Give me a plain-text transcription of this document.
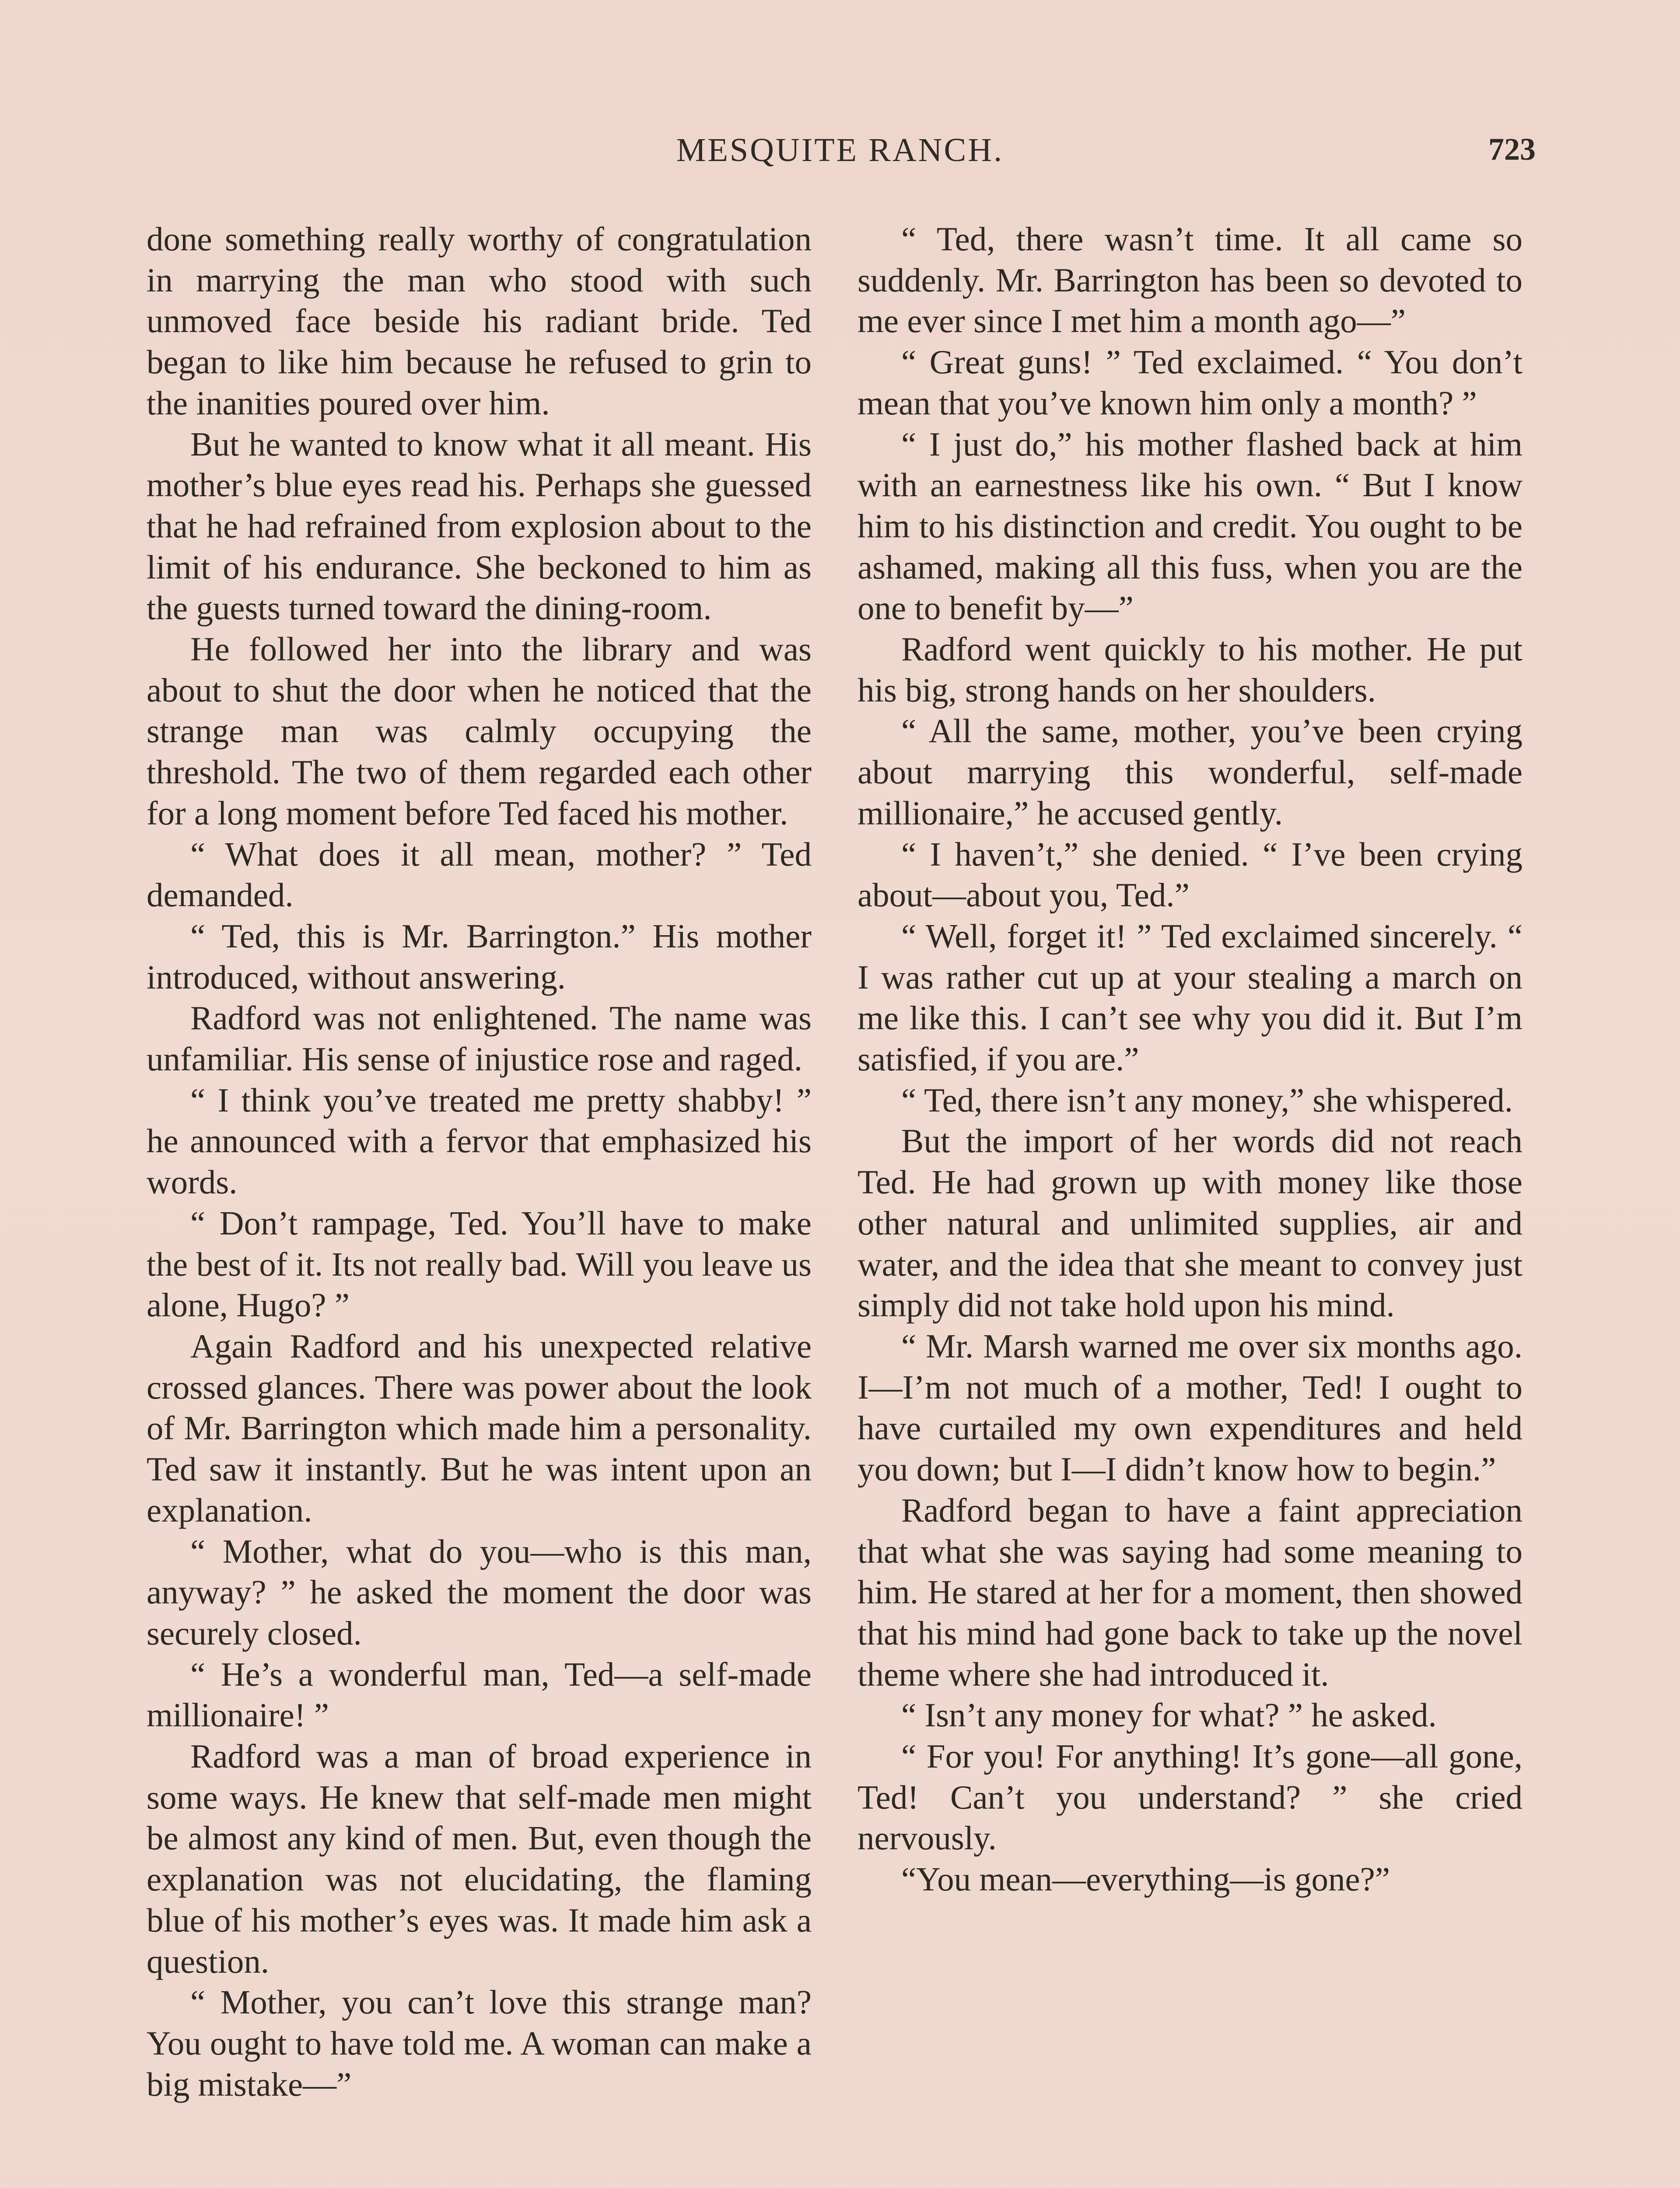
MESQUITE RANCH.	723

done something really worthy of congratulation in marrying the man who stood with such unmoved face beside his radiant bride. Ted began to like him because he refused to grin to the inanities poured over him.

But he wanted to know what it all meant. His mother’s blue eyes read his. Perhaps she guessed that he had refrained from explosion about to the limit of his endurance. She beckoned to him as the guests turned toward the dining-room.

He followed her into the library and was about to shut the door when he noticed that the strange man was calmly occupying the threshold. The two of them regarded each other for a long moment before Ted faced his mother.

“ What does it all mean, mother? ” Ted demanded.

“ Ted, this is Mr. Barrington.” His mother introduced, without answering.

Radford was not enlightened. The name was unfamiliar. His sense of injustice rose and raged.

“ I think you’ve treated me pretty shabby! ” he announced with a fervor that emphasized his words.

“ Don’t rampage, Ted. You’ll have to make the best of it. Its not really bad. Will you leave us alone, Hugo? ”

Again Radford and his unexpected relative crossed glances. There was power about the look of Mr. Barrington which made him a personality. Ted saw it instantly. But he was intent upon an explanation.

“ Mother, what do you—who is this man, anyway? ” he asked the moment the door was securely closed.

“ He’s a wonderful man, Ted—a self-made millionaire! ”

Radford was a man of broad experience in some ways. He knew that self-made men might be almost any kind of men. But, even though the explanation was not elucidating, the flaming blue of his mother’s eyes was. It made him ask a question.

“ Mother, you can’t love this strange man? You ought to have told me. A woman can make a big mistake—”

“ Ted, there wasn’t time. It all came so suddenly. Mr. Barrington has been so devoted to me ever since I met him a month ago—”

“ Great guns! ” Ted exclaimed. “ You don’t mean that you’ve known him only a month? ”

“ I just do,” his mother flashed back at him with an earnestness like his own. “ But I know him to his distinction and credit. You ought to be ashamed, making all this fuss, when you are the one to benefit by—”

Radford went quickly to his mother. He put his big, strong hands on her shoulders.

“ All the same, mother, you’ve been crying about marrying this wonderful, self-made millionaire,” he accused gently.

“ I haven’t,” she denied. “ I’ve been crying about—about you, Ted.”

“ Well, forget it! ” Ted exclaimed sincerely. “ I was rather cut up at your stealing a march on me like this. I can’t see why you did it. But I’m satisfied, if you are.”

“ Ted, there isn’t any money,” she whispered.

But the import of her words did not reach Ted. He had grown up with money like those other natural and unlimited supplies, air and water, and the idea that she meant to convey just simply did not take hold upon his mind.

“ Mr. Marsh warned me over six months ago. I—I’m not much of a mother, Ted! I ought to have curtailed my own expenditures and held you down; but I—I didn’t know how to begin.”

Radford began to have a faint appreciation that what she was saying had some meaning to him. He stared at her for a moment, then showed that his mind had gone back to take up the novel theme where she had introduced it.

“ Isn’t any money for what? ” he asked.

“ For you! For anything! It’s gone—all gone, Ted! Can’t you understand? ” she cried nervously.

“You mean—everything—is gone?”
